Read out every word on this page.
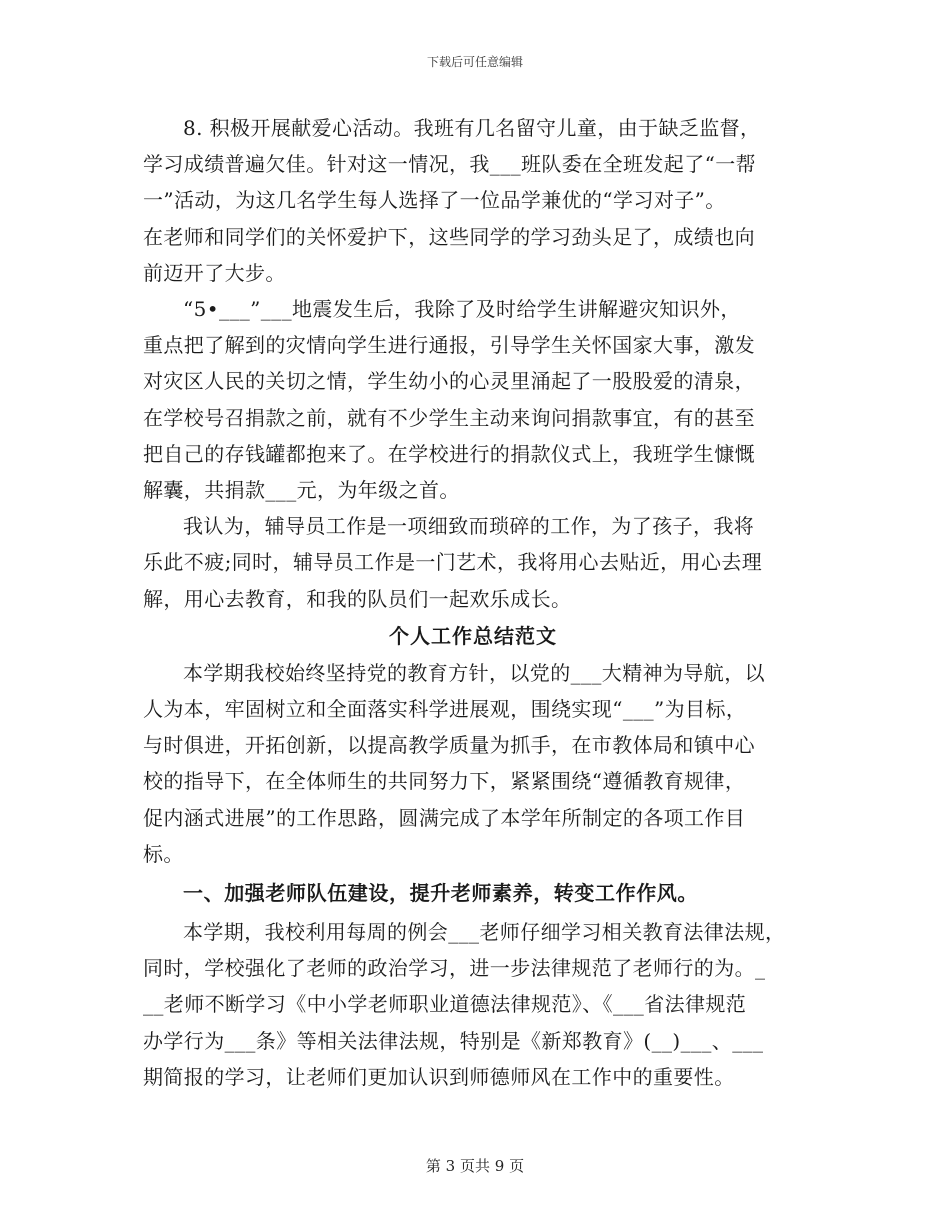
下载后可任意编辑
8. 积极开展献爱心活动。我班有几名留守儿童，由于缺乏监督，
学习成绩普遍欠佳。针对这一情况，我___班队委在全班发起了“一帮
一”活动，为这几名学生每人选择了一位品学兼优的“学习对子”。
在老师和同学们的关怀爱护下，这些同学的学习劲头足了，成绩也向
前迈开了大步。
“5•___”___地震发生后，我除了及时给学生讲解避灾知识外，
重点把了解到的灾情向学生进行通报，引导学生关怀国家大事，激发
对灾区人民的关切之情，学生幼小的心灵里涌起了一股股爱的清泉，
在学校号召捐款之前，就有不少学生主动来询问捐款事宜，有的甚至
把自己的存钱罐都抱来了。在学校进行的捐款仪式上，我班学生慷慨
解囊，共捐款___元，为年级之首。
我认为，辅导员工作是一项细致而琐碎的工作，为了孩子，我将
乐此不疲;同时，辅导员工作是一门艺术，我将用心去贴近，用心去理
解，用心去教育，和我的队员们一起欢乐成长。
个人工作总结范文
本学期我校始终坚持党的教育方针，以党的___大精神为导航，以
人为本，牢固树立和全面落实科学进展观，围绕实现“___”为目标，
与时俱进，开拓创新，以提高教学质量为抓手，在市教体局和镇中心
校的指导下，在全体师生的共同努力下，紧紧围绕“遵循教育规律，
促内涵式进展”的工作思路，圆满完成了本学年所制定的各项工作目
标。
一、加强老师队伍建设，提升老师素养，转变工作作风。
本学期，我校利用每周的例会___老师仔细学习相关教育法律法规，
同时，学校强化了老师的政治学习，进一步法律规范了老师行的为。_
__老师不断学习《中小学老师职业道德法律规范》、《___省法律规范
办学行为___条》等相关法律法规，特别是《新郑教育》(__)___、___
期简报的学习，让老师们更加认识到师德师风在工作中的重要性。
第 3 页共 9 页
